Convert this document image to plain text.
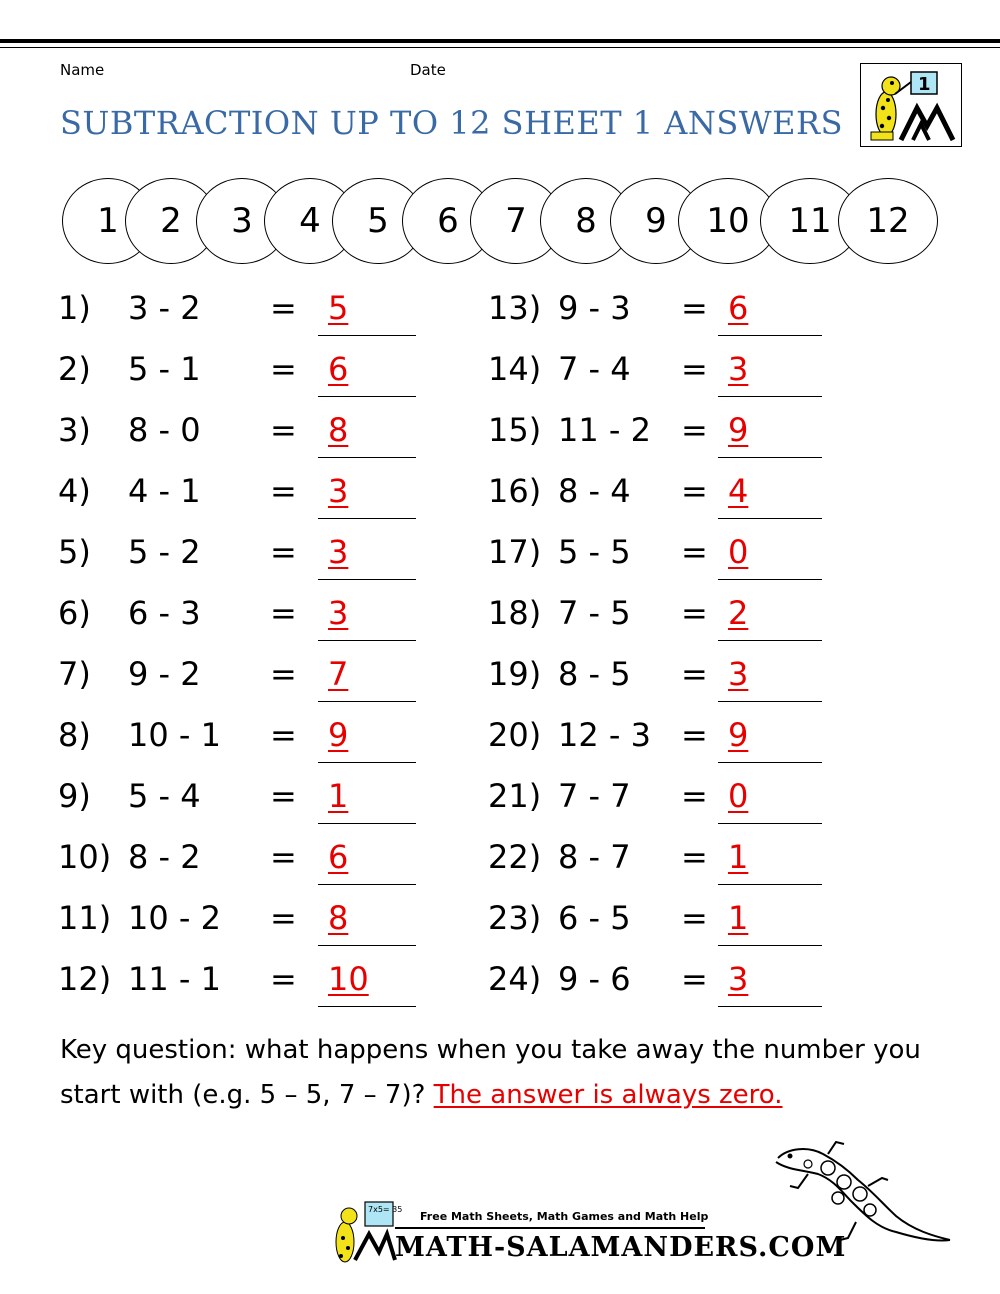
Name	Date
SUBTRACTION UP TO 12 SHEET 1 ANSWERS
1
1	2	3	4	5	6	7	8	9	10	11	12
1) 3 - 2 = 5
2) 5 - 1 = 6
3) 8 - 0 = 8
4) 4 - 1 = 3
5) 5 - 2 = 3
6) 6 - 3 = 3
7) 9 - 2 = 7
8) 10 - 1 = 9
9) 5 - 4 = 1
10) 8 - 2 = 6
11) 10 - 2 = 8
12) 11 - 1 = 10
13) 9 - 3 = 6
14) 7 - 4 = 3
15) 11 - 2 = 9
16) 8 - 4 = 4
17) 5 - 5 = 0
18) 7 - 5 = 2
19) 8 - 5 = 3
20) 12 - 3 = 9
21) 7 - 7 = 0
22) 8 - 7 = 1
23) 6 - 5 = 1
24) 9 - 6 = 3
Key question: what happens when you take away the number you start with (e.g. 5 – 5, 7 – 7)? The answer is always zero.
7x5= 35
Free Math Sheets, Math Games and Math Help
MATH-SALAMANDERS.COM
